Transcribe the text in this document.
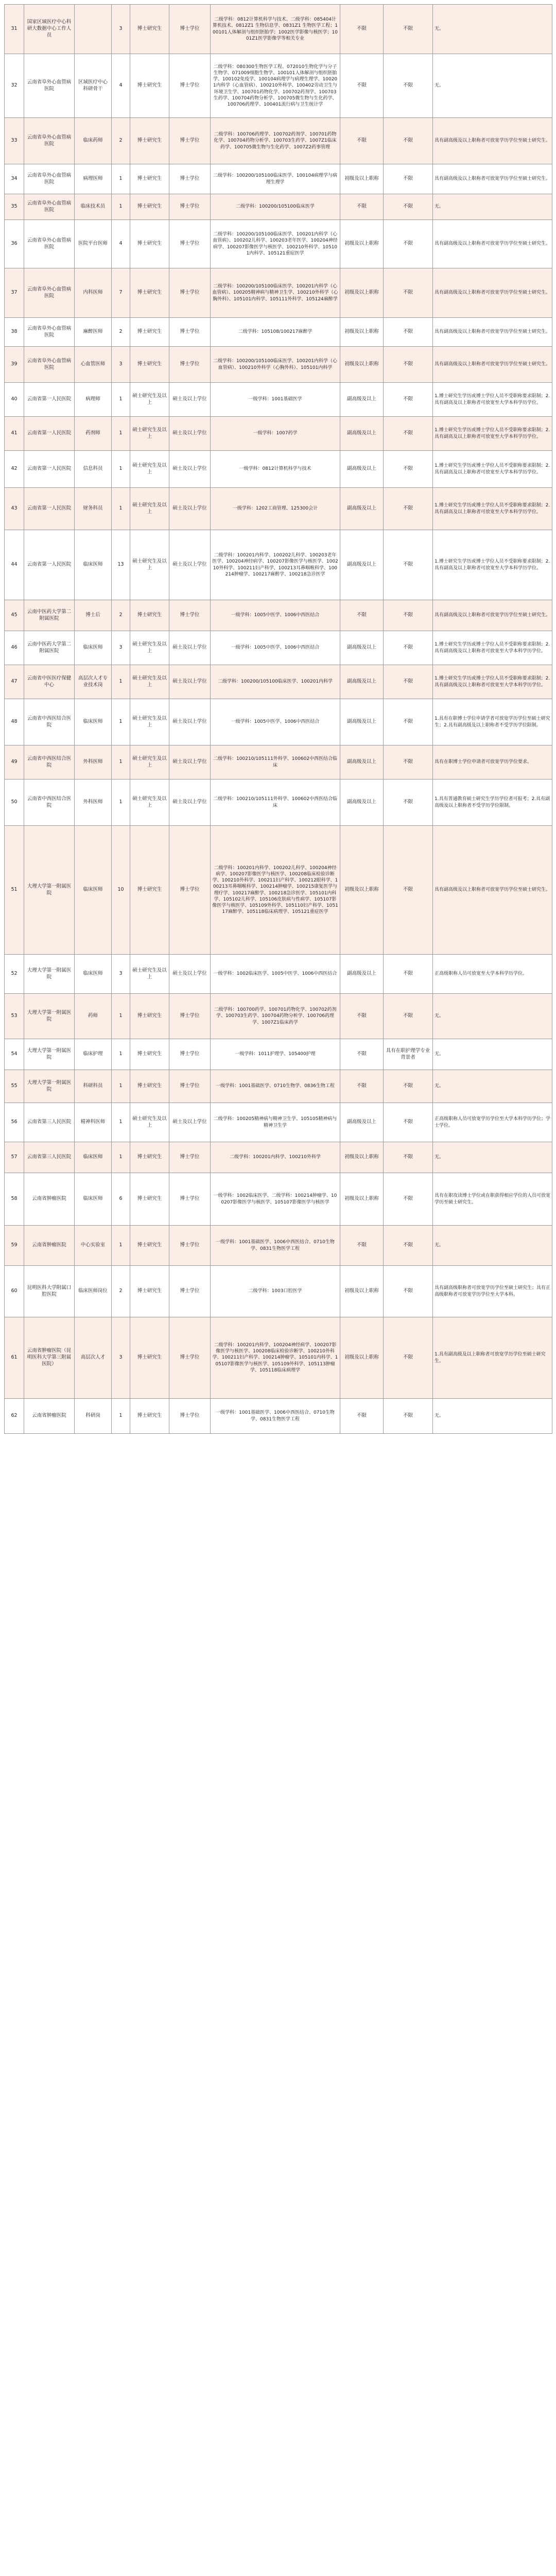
31	国家区域医疗中心科研大数据中心工作人员		3	博士研究生	博士学位	二级学科：0812计算机科学与技术、二级学科：085404计算机技术、0812Z1 生物信息学、0831Z1 生物医学工程；100101人体解剖与组织胚胎学；1002医学影像与核医学；1001Z1医学影像学等相关专业	不限	不限	无。
32	云南省阜外心血管病医院	区域医疗中心科研骨干	4	博士研究生	博士学位	二级学科：080300生物医学工程、072010生物化学与分子生物学、071009细胞生物学、100101人体解剖与组织胚胎学、100102免疫学、100104病理学与病理生理学、100201内科学（心血管病）、100210外科学、100402劳动卫生与环境卫生学、100701药物化学、100702药剂学、100703生药学、100704药物分析学、100705微生物与生化药学、100706药理学、100401流行病与卫生统计学	不限	不限	无。
33	云南省阜外心血管病医院	临床药师	2	博士研究生	博士学位	二级学科：100706药理学、100702药剂学、100701药物化学、100704药物分析学、100703生药学、1007Z1临床药学、100705微生物与生化药学、1007Z2药事管理	不限	不限	具有副高级及以上职称者可放宽学历学位至硕士研究生。
34	云南省阜外心血管病医院	病理医师	1	博士研究生	博士学位	二级学科：100200/105100临床医学、100104病理学与病理生理学	初级及以上职称	不限	具有副高级及以上职称者可放宽学历学位至硕士研究生。
35	云南省阜外心血管病医院	临床技术员	1	博士研究生	博士学位	二级学科：100200/105100临床医学	不限	不限	无。
36	云南省阜外心血管病医院	医院平台医师	4	博士研究生	博士学位	二级学科：100200/105100临床医学、100201内科学（心血管病）、100202儿科学、100203老年医学、100204神经病学、100207影像医学与核医学、100210外科学、105101内科学、105121重症医学	初级及以上职称	不限	具有副高级及以上职称者可放宽学历学位至硕士研究生。
37	云南省阜外心血管病医院	内科医师	7	博士研究生	博士学位	二级学科：100200/105100临床医学、100201内科学（心血管病）、100205精神病与精神卫生学、100210外科学（心胸外科）、105101内科学、105111外科学、105124麻醉学	初级及以上职称	不限	具有副高级及以上职称者可放宽学历学位至硕士研究生。
38	云南省阜外心血管病医院	麻醉医师	2	博士研究生	博士学位	二级学科：105108/100217麻醉学	初级及以上职称	不限	具有副高级及以上职称者可放宽学历学位至硕士研究生。
39	云南省阜外心血管病医院	心血管医师	3	博士研究生	博士学位	二级学科：100200/105100临床医学、100201内科学（心血管病）、100210外科学（心胸外科）、105101内科学	初级及以上职称	不限	具有副高级及以上职称者可放宽学历学位至硕士研究生。
40	云南省第一人民医院	病理师	1	硕士研究生及以上	硕士及以上学位	一级学科：1001基础医学	副高级及以上	不限	1.博士研究生学历或博士学位人员不受职称要求限制；2.具有副高及以上职称者可放宽至大学本科学历学位。
41	云南省第一人民医院	药剂师	1	硕士研究生及以上	硕士及以上学位	一级学科：1007药学	副高级及以上	不限	1.博士研究生学历或博士学位人员不受职称要求限制；2.具有副高及以上职称者可放宽至大学本科学历学位。
42	云南省第一人民医院	信息科员	1	硕士研究生及以上	硕士及以上学位	一级学科：0812计算机科学与技术	副高级及以上	不限	1.博士研究生学历或博士学位人员不受职称要求限制；2.具有副高及以上职称者可放宽至大学本科学历学位。
43	云南省第一人民医院	财务科员	1	硕士研究生及以上	硕士及以上学位	一级学科：1202工商管理、125300会计	副高级及以上	不限	1.博士研究生学历或博士学位人员不受职称要求限制；2.具有副高及以上职称者可放宽至大学本科学历学位。
44	云南省第一人民医院	临床医师	13	硕士研究生及以上	硕士及以上学位	二级学科：100201内科学、100202儿科学、100203老年医学、100204神经病学、100207影像医学与核医学、100210外科学、100211妇产科学、100213耳鼻咽喉科学、100214肿瘤学、100217麻醉学、100218急诊医学	副高级及以上	不限	1.博士研究生学历或博士学位人员不受职称要求限制；2.具有副高及以上职称者可放宽至大学本科学历学位。
45	云南中医药大学第二附属医院	博士后	2	博士研究生	博士学位	一级学科：1005中医学、1006中西医结合	不限	不限	具有副高级及以上职称者可放宽学历学位至硕士研究生。
46	云南中医药大学第二附属医院	临床医师	3	硕士研究生及以上	硕士及以上学位	一级学科：1005中医学、1006中西医结合	副高级及以上	不限	1.博士研究生学历或博士学位人员不受职称要求限制；2.具有副高级及以上职称者可放宽至大学本科学历学位。
47	云南省中医医疗保健中心	高层次人才专业技术岗	1	硕士研究生及以上	硕士及以上学位	二级学科：100200/105100临床医学、100201内科学	副高级及以上	不限	1.博士研究生学历或博士学位人员不受职称要求限制；2.具有副高级及以上职称者可放宽至大学本科学历学位。
48	云南省中西医结合医院	临床医师	1	硕士研究生及以上	硕士及以上学位	一级学科：1005中医学、1006中西医结合	副高级及以上	不限	1.具有在职博士学位申请学者可放宽学历学位至硕士研究生；2.具有副高级及以上职称者不受学历学位限制。
49	云南省中西医结合医院	外科医师	1	硕士研究生及以上	硕士及以上学位	二级学科：100210/105111外科学、100602中西医结合临床	副高级及以上	不限	具有在职博士学位申请者可放宽学历学位要求。
50	云南省中西医结合医院	外科医师	1	硕士研究生及以上	硕士及以上学位	二级学科：100210/105111外科学、100602中西医结合临床	副高级及以上	不限	1.具有普通教育硕士研究生学历学位者可报考；2.具有副高级及以上职称者不受学历学位限制。
51	大理大学第一附属医院	临床医师	10	博士研究生	博士学位	二级学科：100201内科学、100202儿科学、100204神经病学、100207影像医学与核医学、100208临床检验诊断学、100210外科学、100211妇产科学、100212眼科学、100213耳鼻咽喉科学、100214肿瘤学、100215康复医学与理疗学、100217麻醉学、100218急诊医学、105101内科学、105102儿科学、105106皮肤病与性病学、105107影像医学与核医学、105109外科学、105110妇产科学、105117麻醉学、105118临床病理学、105121重症医学	初级及以上职称	不限	具有副高级及以上职称者可放宽学历学位至硕士研究生。
52	大理大学第一附属医院	临床医师	3	硕士研究生及以上	硕士及以上学位	一级学科：1002临床医学、1005中医学、1006中西医结合	副高级及以上	不限	正高级职称人员可放宽至大学本科学历学位。
53	大理大学第一附属医院	药师	1	博士研究生	博士学位	二级学科：100700药学、100701药物化学、100702药剂学、100703生药学、100704药物分析学、100706药理学、1007Z1临床药学	不限	不限	无。
54	大理大学第一附属医院	临床护理	1	博士研究生	博士学位	一级学科：1011护理学、105400护理	不限	具有在职护理学专业背景者	无。
55	大理大学第一附属医院	科研科员	1	博士研究生	博士学位	一级学科：1001基础医学、0710生物学、0836生物工程	不限	不限	无。
56	云南省第三人民医院	精神科医师	1	硕士研究生及以上	硕士及以上学位	二级学科：100205精神病与精神卫生学、105105精神病与精神卫生学	副高级及以上	不限	正高级职称人员可放宽学历学位至大学本科学历学位；学士学位。
57	云南省第三人民医院	临床医师	1	博士研究生	博士学位	二级学科：100201内科学、100210外科学	初级及以上职称	不限	无。
58	云南省肿瘤医院	临床医师	6	博士研究生	博士学位	一级学科：1002临床医学、二级学科：100214肿瘤学、100207影像医学与核医学、105107影像医学与核医学	初级及以上职称	不限	具有在职攻读博士学位或在职获得相应学位的人员可放宽学历至硕士研究生。
59	云南省肿瘤医院	中心实验室	1	博士研究生	博士学位	一级学科：1001基础医学、1006中西医结合、0710生物学、0831生物医学工程	不限	不限	无。
60	昆明医科大学附属口腔医院	临床医师岗位	2	博士研究生	博士学位	二级学科：1003口腔医学	初级及以上职称	不限	具有副高级职称者可放宽学历学位至硕士研究生；具有正高级职称者可放宽学历学位至大学本科。
61	云南省肿瘤医院（昆明医科大学第三附属医院）	高层次人才	3	博士研究生	博士学位	二级学科：100201内科学、100204神经病学、100207影像医学与核医学、100208临床检验诊断学、100210外科学、100211妇产科学、100214肿瘤学、105101内科学、105107影像医学与核医学、105109外科学、105113肿瘤学、105118临床病理学	初级及以上职称	不限	1.具有副高级及以上职称者可放宽学历学位至硕士研究生。
62	云南省肿瘤医院	科研岗	1	博士研究生	博士学位	一级学科：1001基础医学、1006中西医结合、0710生物学、0831生物医学工程	不限	不限	无。
